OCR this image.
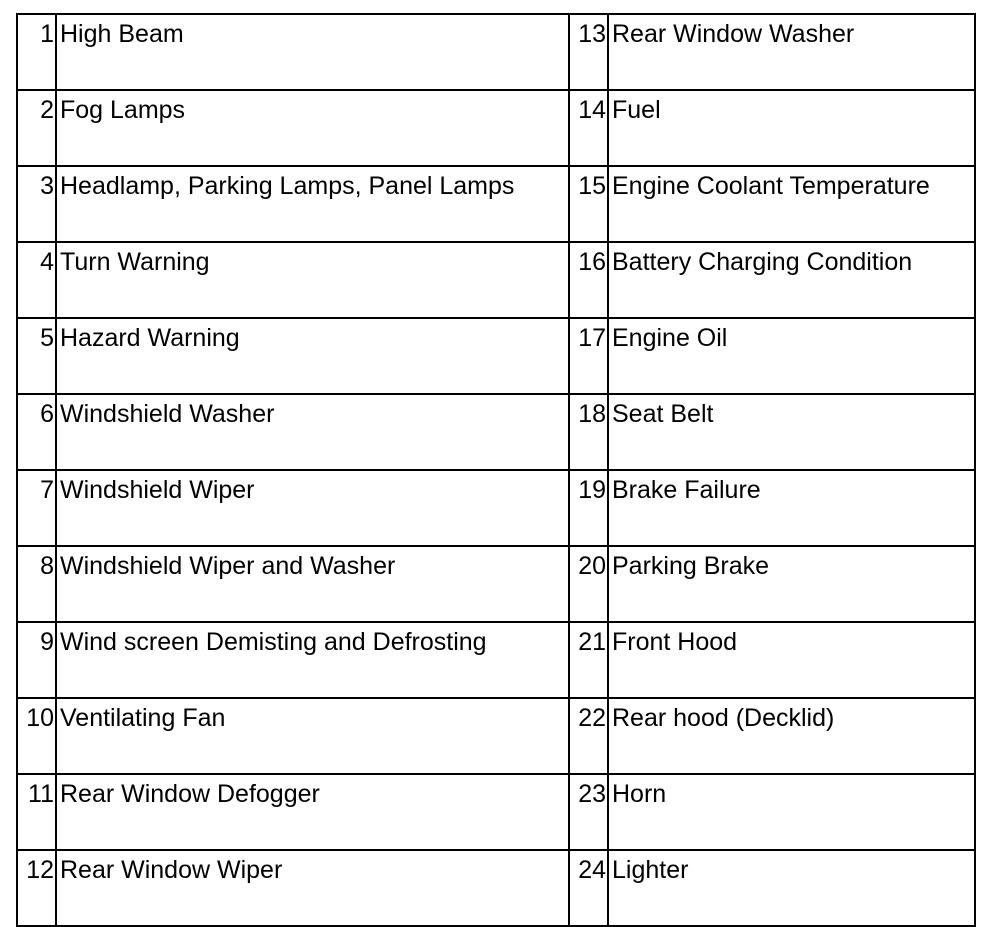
1	High Beam	13	Rear Window Washer
2	Fog Lamps	14	Fuel
3	Headlamp, Parking Lamps, Panel Lamps	15	Engine Coolant Temperature
4	Turn Warning	16	Battery Charging Condition
5	Hazard Warning	17	Engine Oil
6	Windshield Washer	18	Seat Belt
7	Windshield Wiper	19	Brake Failure
8	Windshield Wiper and Washer	20	Parking Brake
9	Wind screen Demisting and Defrosting	21	Front Hood
10	Ventilating Fan	22	Rear hood (Decklid)
11	Rear Window Defogger	23	Horn
12	Rear Window Wiper	24	Lighter
